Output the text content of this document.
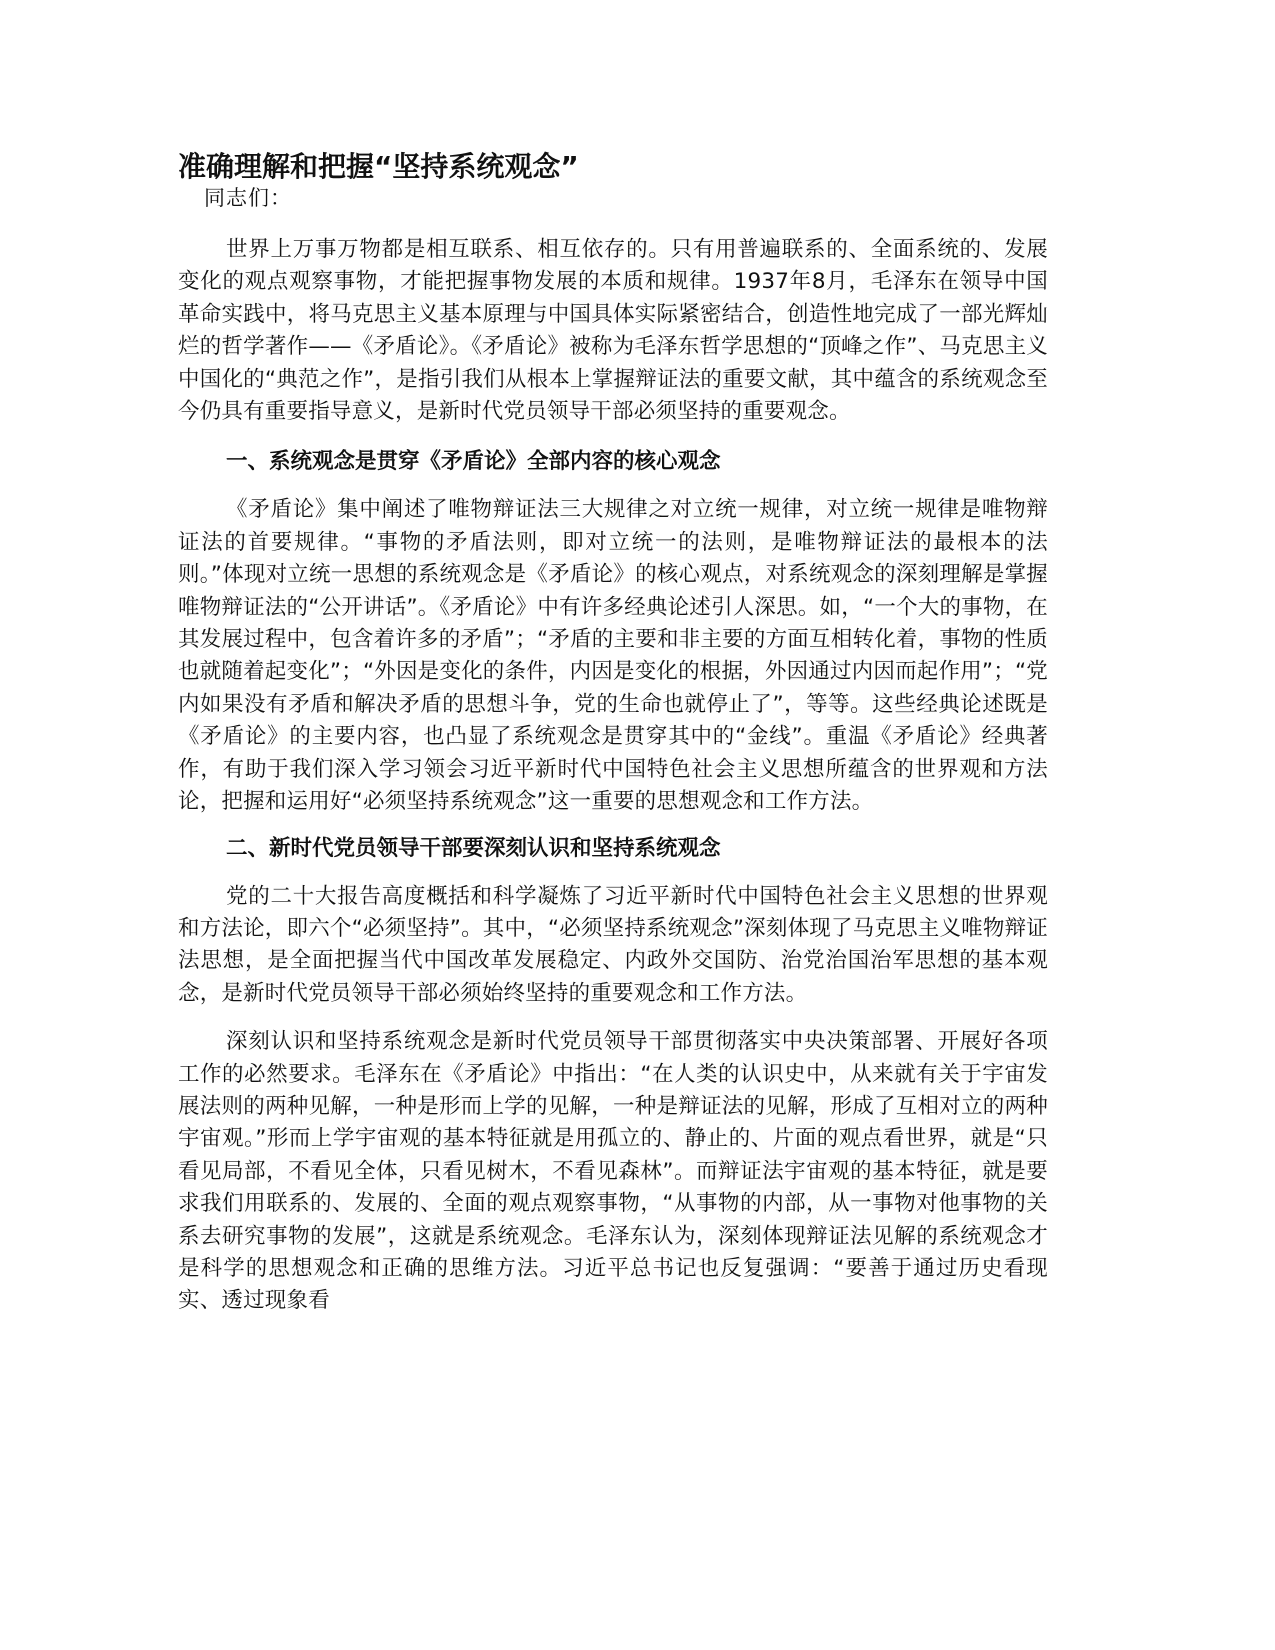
准确理解和把握“坚持系统观念”

同志们：

世界上万事万物都是相互联系、相互依存的。只有用普遍联系的、全面系统的、发展变化的观点观察事物，才能把握事物发展的本质和规律。1937年8月，毛泽东在领导中国革命实践中，将马克思主义基本原理与中国具体实际紧密结合，创造性地完成了一部光辉灿烂的哲学著作——《矛盾论》。《矛盾论》被称为毛泽东哲学思想的“顶峰之作”、马克思主义中国化的“典范之作”，是指引我们从根本上掌握辩证法的重要文献，其中蕴含的系统观念至今仍具有重要指导意义，是新时代党员领导干部必须坚持的重要观念。

一、系统观念是贯穿《矛盾论》全部内容的核心观念

《矛盾论》集中阐述了唯物辩证法三大规律之对立统一规律，对立统一规律是唯物辩证法的首要规律。“事物的矛盾法则，即对立统一的法则，是唯物辩证法的最根本的法则。”体现对立统一思想的系统观念是《矛盾论》的核心观点，对系统观念的深刻理解是掌握唯物辩证法的“公开讲话”。《矛盾论》中有许多经典论述引人深思。如，“一个大的事物，在其发展过程中，包含着许多的矛盾”；“矛盾的主要和非主要的方面互相转化着，事物的性质也就随着起变化”；“外因是变化的条件，内因是变化的根据，外因通过内因而起作用”；“党内如果没有矛盾和解决矛盾的思想斗争，党的生命也就停止了”，等等。这些经典论述既是《矛盾论》的主要内容，也凸显了系统观念是贯穿其中的“金线”。重温《矛盾论》经典著作，有助于我们深入学习领会习近平新时代中国特色社会主义思想所蕴含的世界观和方法论，把握和运用好“必须坚持系统观念”这一重要的思想观念和工作方法。

二、新时代党员领导干部要深刻认识和坚持系统观念

党的二十大报告高度概括和科学凝炼了习近平新时代中国特色社会主义思想的世界观和方法论，即六个“必须坚持”。其中，“必须坚持系统观念”深刻体现了马克思主义唯物辩证法思想，是全面把握当代中国改革发展稳定、内政外交国防、治党治国治军思想的基本观念，是新时代党员领导干部必须始终坚持的重要观念和工作方法。

深刻认识和坚持系统观念是新时代党员领导干部贯彻落实中央决策部署、开展好各项工作的必然要求。毛泽东在《矛盾论》中指出：“在人类的认识史中，从来就有关于宇宙发展法则的两种见解，一种是形而上学的见解，一种是辩证法的见解，形成了互相对立的两种宇宙观。”形而上学宇宙观的基本特征就是用孤立的、静止的、片面的观点看世界，就是“只看见局部，不看见全体，只看见树木，不看见森林”。而辩证法宇宙观的基本特征，就是要求我们用联系的、发展的、全面的观点观察事物，“从事物的内部，从一事物对他事物的关系去研究事物的发展”，这就是系统观念。毛泽东认为，深刻体现辩证法见解的系统观念才是科学的思想观念和正确的思维方法。习近平总书记也反复强调：“要善于通过历史看现实、透过现象看
